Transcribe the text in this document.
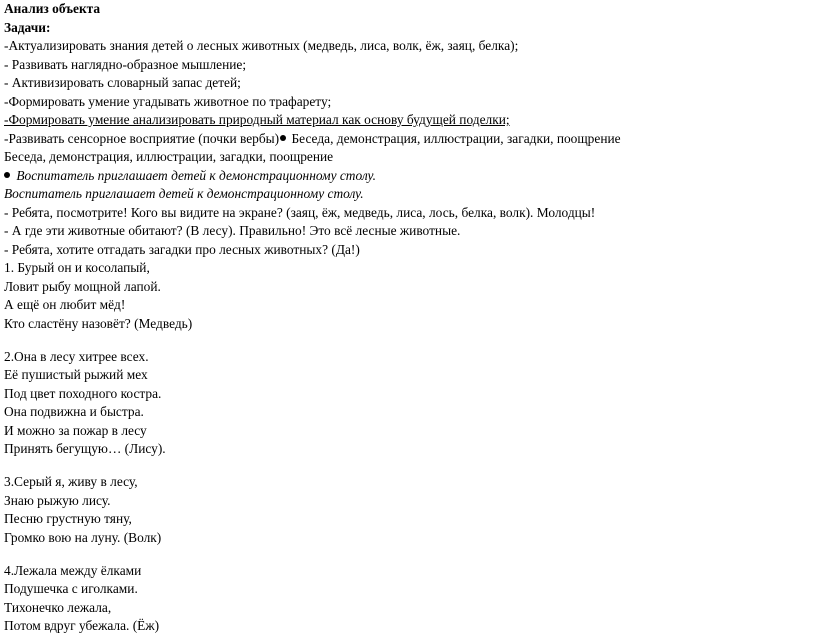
Анализ объекта
Задачи:
-Актуализировать знания детей о лесных животных (медведь, лиса, волк, ёж, заяц, белка);
- Развивать наглядно-образное мышление;
- Активизировать словарный запас детей;
-Формировать умение угадывать животное по трафарету;
-Формировать умение анализировать природный материал как основу будущей поделки;
-Развивать сенсорное восприятие (почки вербы) Беседа, демонстрация, иллюстрации, загадки, поощрение
Беседа, демонстрация, иллюстрации, загадки, поощрение
Воспитатель приглашает детей к демонстрационному столу.
Воспитатель приглашает детей к демонстрационному столу.
- Ребята, посмотрите! Кого вы видите на экране? (заяц, ёж, медведь, лиса, лось, белка, волк). Молодцы!
- А где эти животные обитают? (В лесу). Правильно! Это всё лесные животные.
- Ребята, хотите отгадать загадки про лесных животных? (Да!)
1. Бурый он и косолапый,
Ловит рыбу мощной лапой.
А ещё он любит мёд!
Кто сластёну назовёт? (Медведь)
2.Она в лесу хитрее всех.
Её пушистый рыжий мех
Под цвет походного костра.
Она подвижна и быстра.
И можно за пожар в лесу
Принять бегущую… (Лису).
3.Серый я, живу в лесу,
Знаю рыжую лису.
Песню грустную тяну,
Громко вою на луну. (Волк)
4.Лежала между ёлками
Подушечка с иголками.
Тихонечко лежала,
Потом вдруг убежала. (Ёж)
